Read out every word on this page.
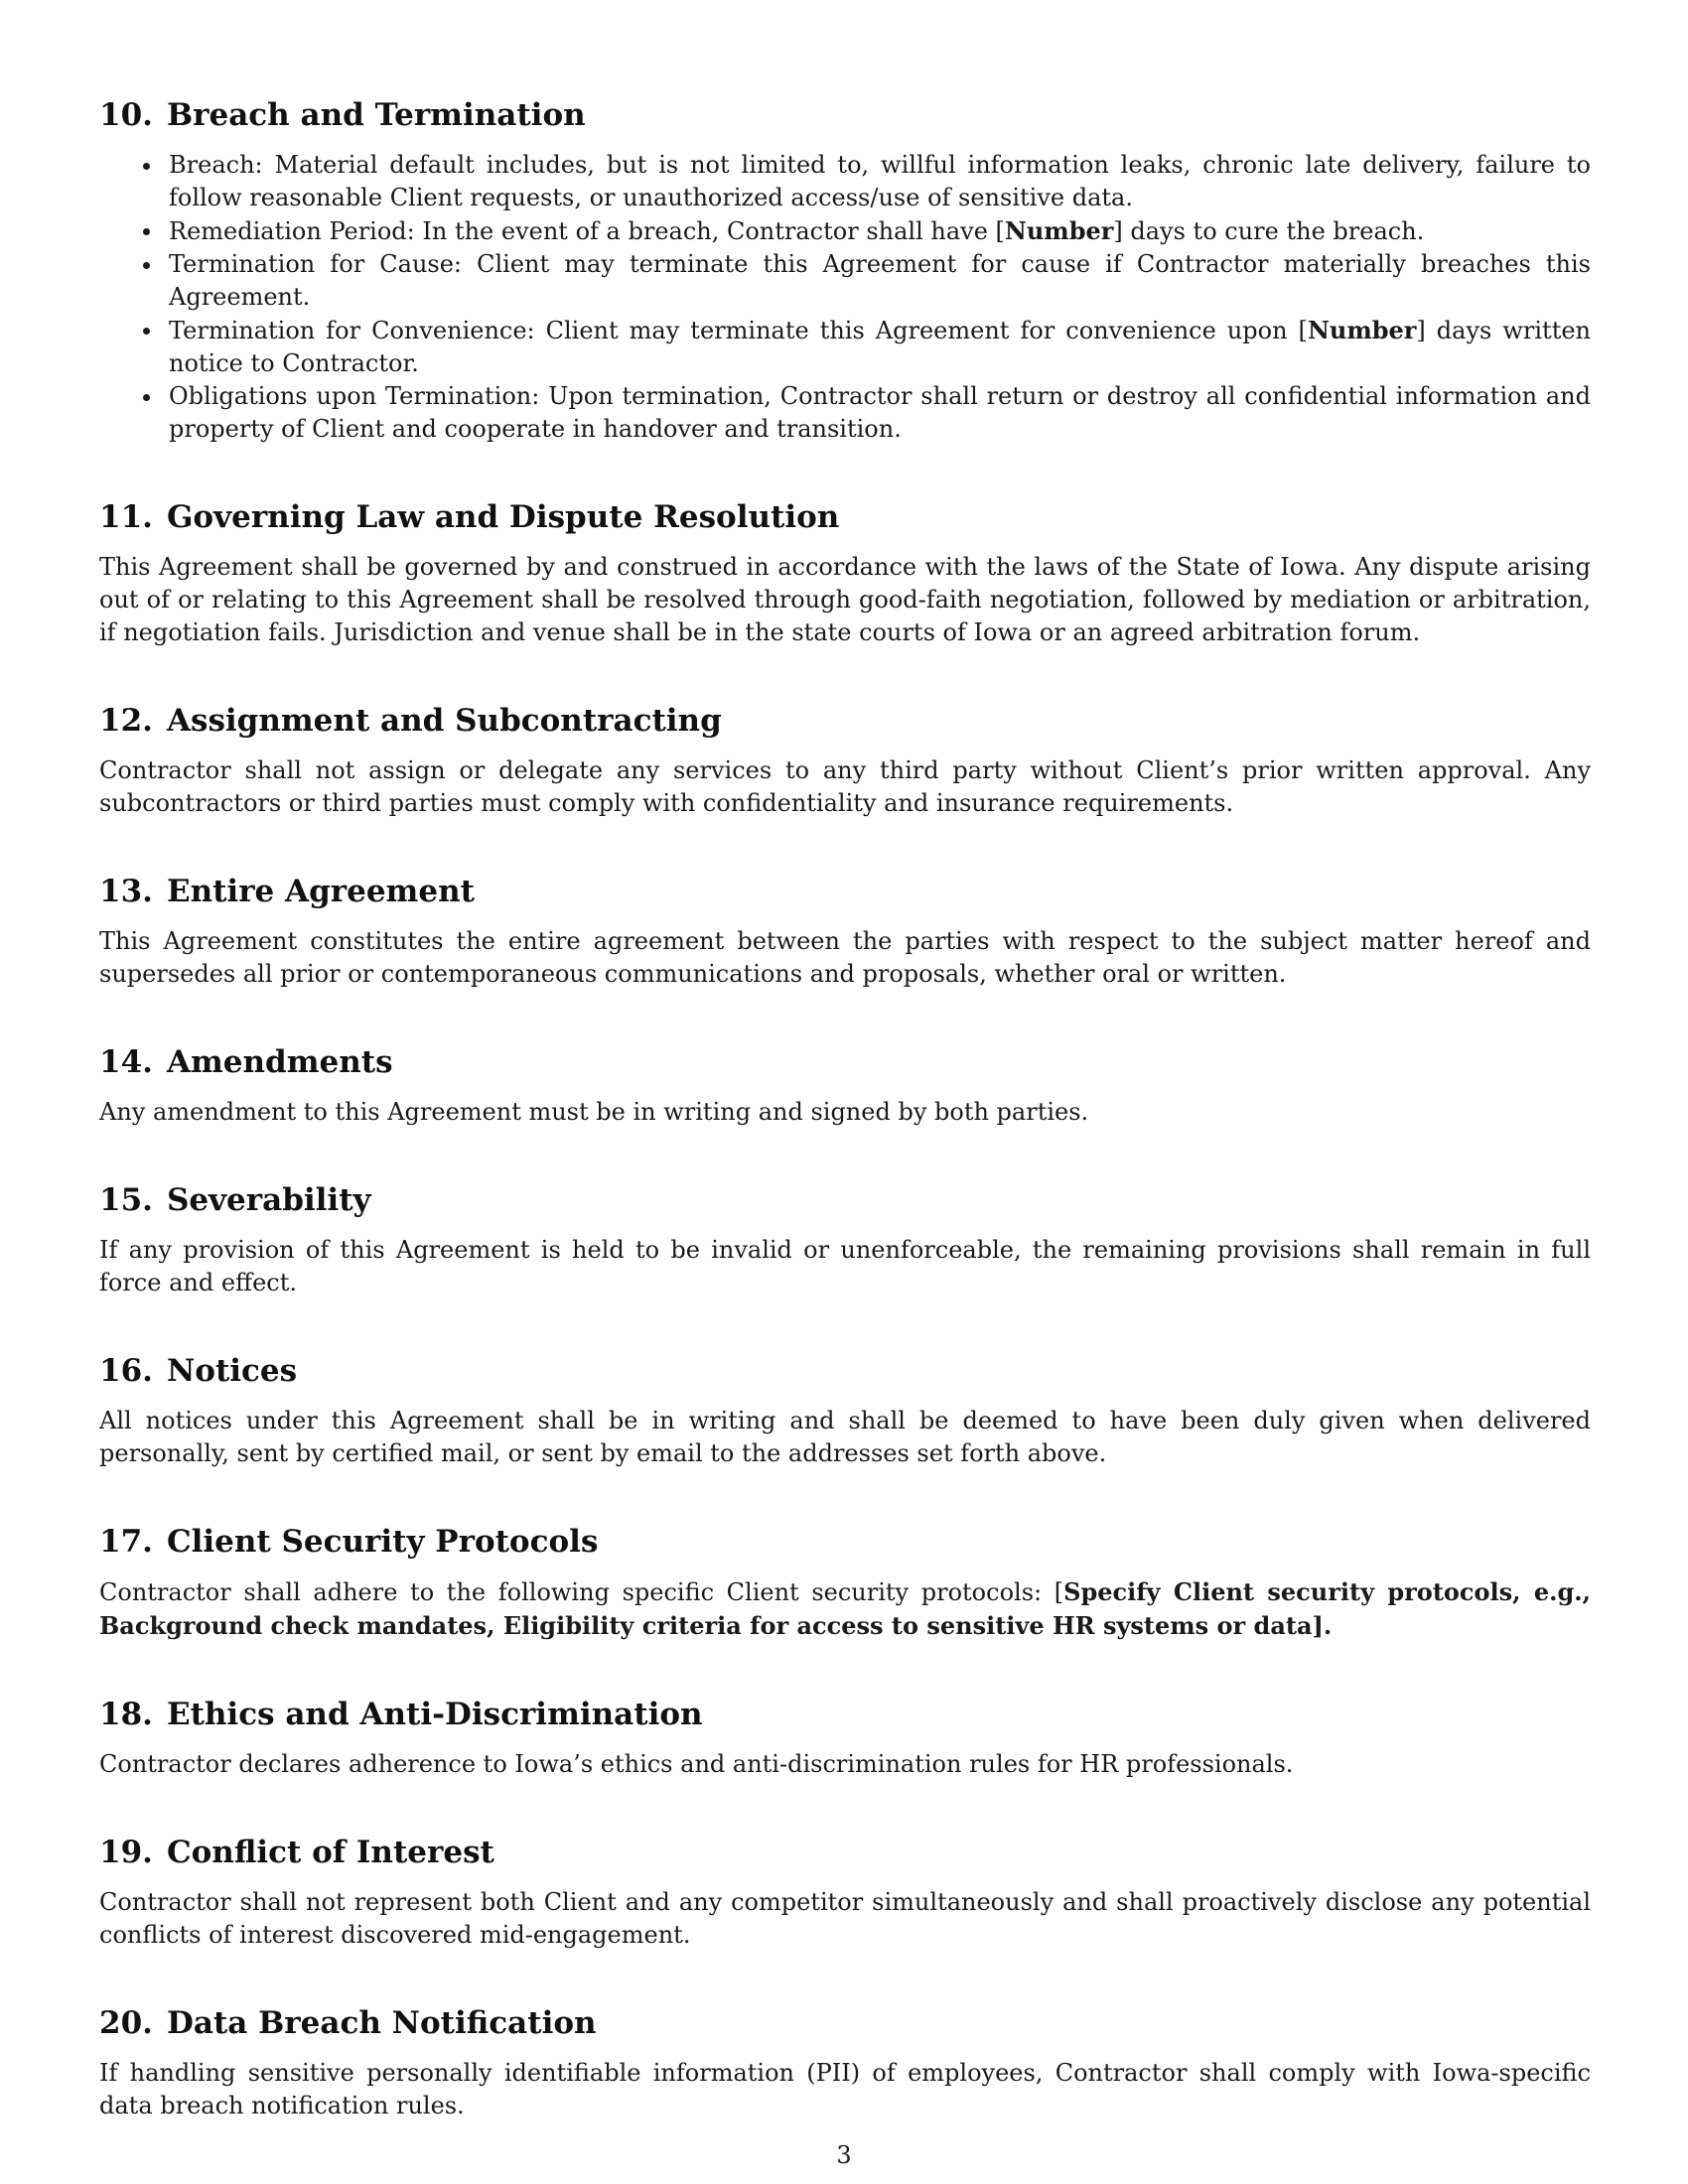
10. Breach and Termination
Breach: Material default includes, but is not limited to, willful information leaks, chronic late delivery, failure to follow reasonable Client requests, or unauthorized access/use of sensitive data.
Remediation Period: In the event of a breach, Contractor shall have [Number] days to cure the breach.
Termination for Cause: Client may terminate this Agreement for cause if Contractor materially breaches this Agreement.
Termination for Convenience: Client may terminate this Agreement for convenience upon [Number] days written notice to Contractor.
Obligations upon Termination: Upon termination, Contractor shall return or destroy all confidential information and property of Client and cooperate in handover and transition.
11. Governing Law and Dispute Resolution

This Agreement shall be governed by and construed in accordance with the laws of the State of Iowa. Any dispute arising out of or relating to this Agreement shall be resolved through good-faith negotiation, followed by mediation or arbitration, if negotiation fails. Jurisdiction and venue shall be in the state courts of Iowa or an agreed arbitration forum.

12. Assignment and Subcontracting

Contractor shall not assign or delegate any services to any third party without Client’s prior written approval. Any subcontractors or third parties must comply with confidentiality and insurance requirements.

13. Entire Agreement

This Agreement constitutes the entire agreement between the parties with respect to the subject matter hereof and supersedes all prior or contemporaneous communications and proposals, whether oral or written.

14. Amendments

Any amendment to this Agreement must be in writing and signed by both parties.

15. Severability

If any provision of this Agreement is held to be invalid or unenforceable, the remaining provisions shall remain in full force and effect.

16. Notices

All notices under this Agreement shall be in writing and shall be deemed to have been duly given when delivered personally, sent by certified mail, or sent by email to the addresses set forth above.

17. Client Security Protocols

Contractor shall adhere to the following specific Client security protocols: [Specify Client security protocols, e.g., Background check mandates, Eligibility criteria for access to sensitive HR systems or data].

18. Ethics and Anti-Discrimination

Contractor declares adherence to Iowa’s ethics and anti-discrimination rules for HR professionals.

19. Conflict of Interest

Contractor shall not represent both Client and any competitor simultaneously and shall proactively disclose any potential conflicts of interest discovered mid-engagement.

20. Data Breach Notification

If handling sensitive personally identifiable information (PII) of employees, Contractor shall comply with Iowa-specific data breach notification rules.

3
